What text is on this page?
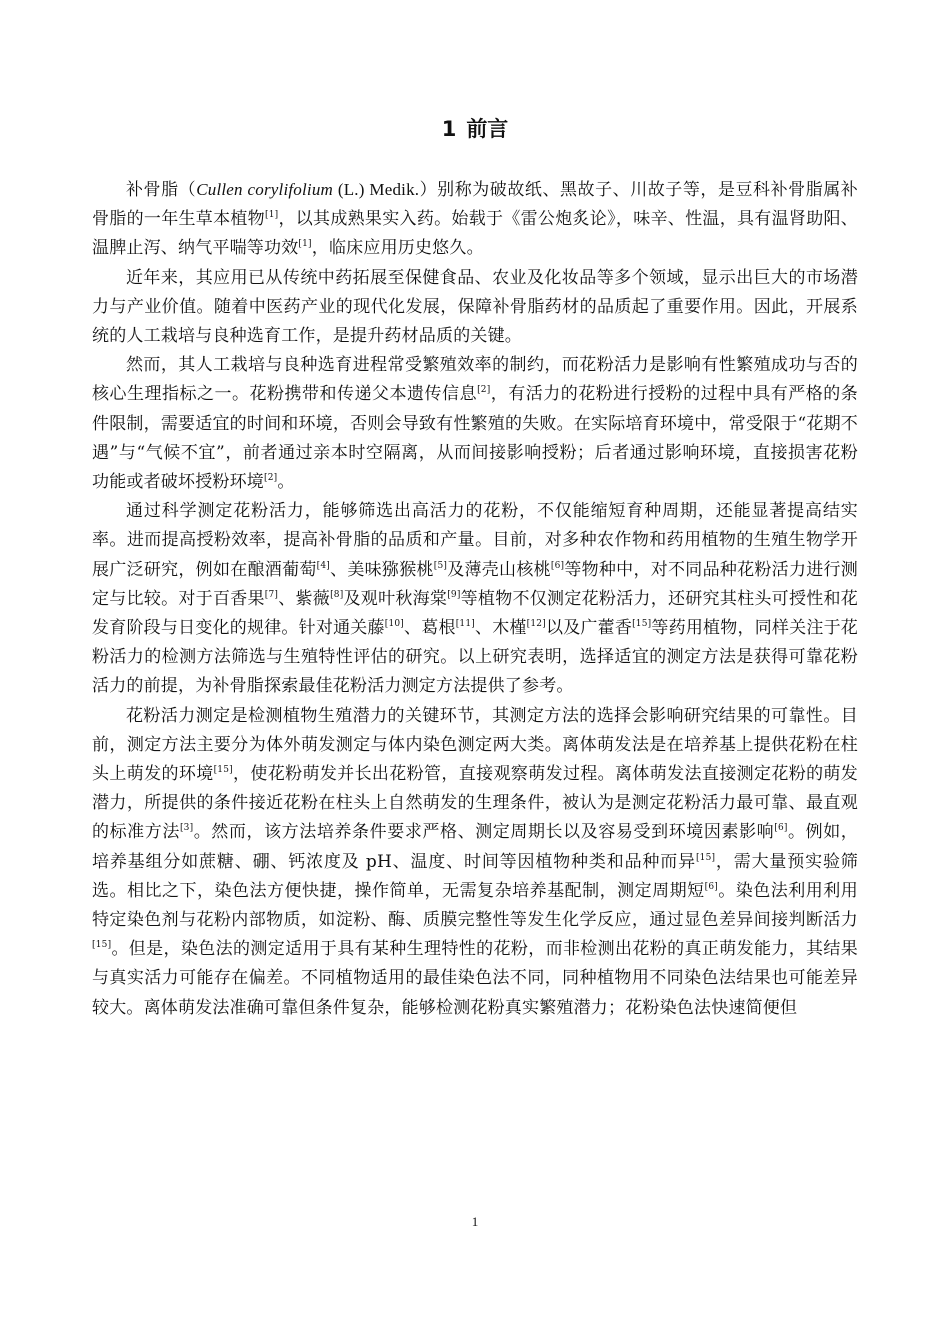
1 前言

补骨脂（Cullen corylifolium (L.) Medik.）别称为破故纸、黑故子、川故子等，是豆科补骨脂属补骨脂的一年生草本植物[1]，以其成熟果实入药。始载于《雷公炮炙论》，味辛、性温，具有温肾助阳、温脾止泻、纳气平喘等功效[1]，临床应用历史悠久。

近年来，其应用已从传统中药拓展至保健食品、农业及化妆品等多个领域，显示出巨大的市场潜力与产业价值。随着中医药产业的现代化发展，保障补骨脂药材的品质起了重要作用。因此，开展系统的人工栽培与良种选育工作，是提升药材品质的关键。

然而，其人工栽培与良种选育进程常受繁殖效率的制约，而花粉活力是影响有性繁殖成功与否的核心生理指标之一。花粉携带和传递父本遗传信息[2]，有活力的花粉进行授粉的过程中具有严格的条件限制，需要适宜的时间和环境，否则会导致有性繁殖的失败。在实际培育环境中，常受限于“花期不遇”与“气候不宜”，前者通过亲本时空隔离，从而间接影响授粉；后者通过影响环境，直接损害花粉功能或者破坏授粉环境[2]。

通过科学测定花粉活力，能够筛选出高活力的花粉，不仅能缩短育种周期，还能显著提高结实率。进而提高授粉效率，提高补骨脂的品质和产量。目前，对多种农作物和药用植物的生殖生物学开展广泛研究，例如在酿酒葡萄[4]、美味猕猴桃[5]及薄壳山核桃[6]等物种中，对不同品种花粉活力进行测定与比较。对于百香果[7]、紫薇[8]及观叶秋海棠[9]等植物不仅测定花粉活力，还研究其柱头可授性和花发育阶段与日变化的规律。针对通关藤[10]、葛根[11]、木槿[12]以及广藿香[15]等药用植物，同样关注于花粉活力的检测方法筛选与生殖特性评估的研究。以上研究表明，选择适宜的测定方法是获得可靠花粉活力的前提，为补骨脂探索最佳花粉活力测定方法提供了参考。

花粉活力测定是检测植物生殖潜力的关键环节，其测定方法的选择会影响研究结果的可靠性。目前，测定方法主要分为体外萌发测定与体内染色测定两大类。离体萌发法是在培养基上提供花粉在柱头上萌发的环境[15]，使花粉萌发并长出花粉管，直接观察萌发过程。离体萌发法直接测定花粉的萌发潜力，所提供的条件接近花粉在柱头上自然萌发的生理条件，被认为是测定花粉活力最可靠、最直观的标准方法[3]。然而，该方法培养条件要求严格、测定周期长以及容易受到环境因素影响[6]。例如，培养基组分如蔗糖、硼、钙浓度及 pH、温度、时间等因植物种类和品种而异[15]，需大量预实验筛选。相比之下，染色法方便快捷，操作简单，无需复杂培养基配制，测定周期短[6]。染色法利用利用特定染色剂与花粉内部物质，如淀粉、酶、质膜完整性等发生化学反应，通过显色差异间接判断活力[15]。但是，染色法的测定适用于具有某种生理特性的花粉，而非检测出花粉的真正萌发能力，其结果与真实活力可能存在偏差。不同植物适用的最佳染色法不同，同种植物用不同染色法结果也可能差异较大。离体萌发法准确可靠但条件复杂，能够检测花粉真实繁殖潜力；花粉染色法快速简便但

1
